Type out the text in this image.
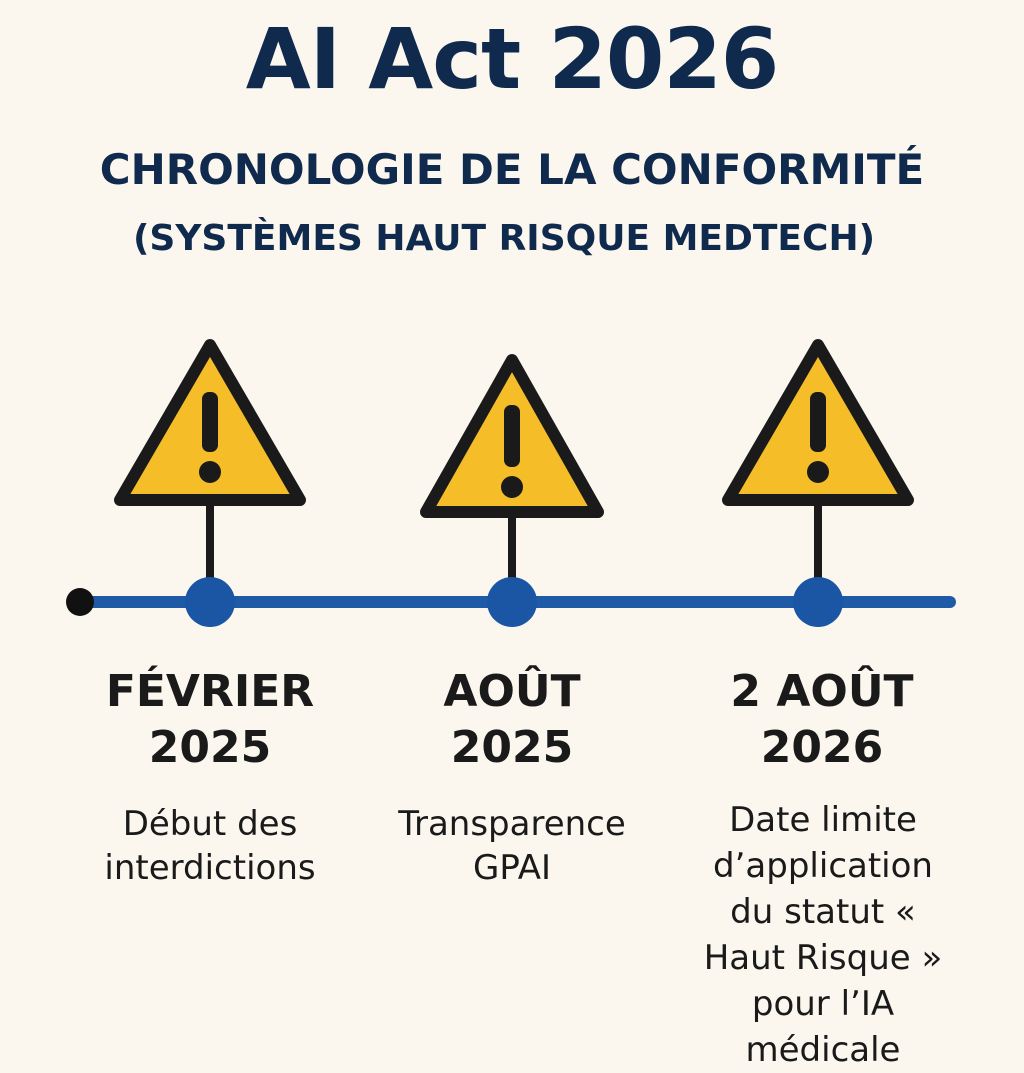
AI Act 2026
CHRONOLOGIE DE LA CONFORMITÉ
(SYSTÈMES HAUT RISQUE MEDTECH)
FÉVRIER 2025
Début des interdictions
AOÛT 2025
Transparence GPAI
2 AOÛT 2026
Date limite d’application du statut « Haut Risque » pour l’IA médicale
